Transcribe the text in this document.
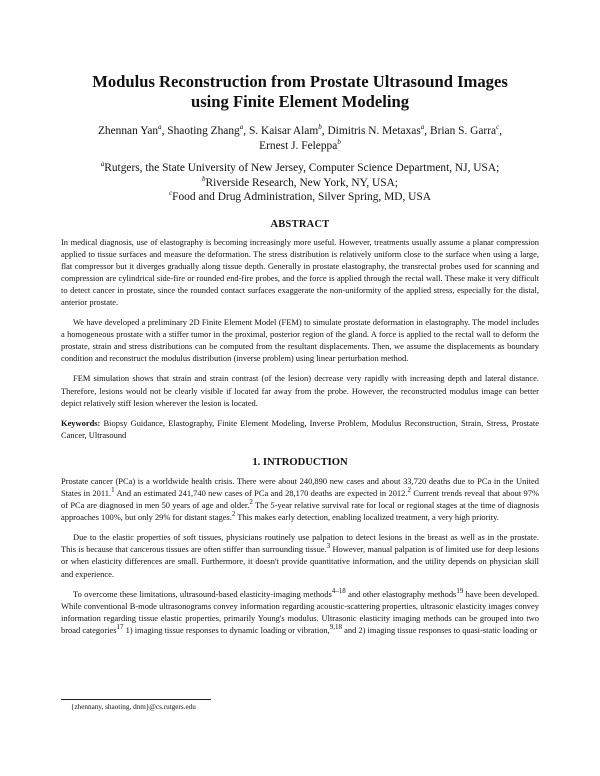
Modulus Reconstruction from Prostate Ultrasound Images
using Finite Element Modeling
Zhennan Yan$^a$, Shaoting Zhang$^a$, S. Kaisar Alam$^b$, Dimitris N. Metaxas$^a$, Brian S. Garra$^c$,
Ernest J. Feleppa$^b$
$^a$Rutgers, the State University of New Jersey, Computer Science Department, NJ, USA;
$^b$Riverside Research, New York, NY, USA;
$^c$Food and Drug Administration, Silver Spring, MD, USA
ABSTRACT

In medical diagnosis, use of elastography is becoming increasingly more useful. However, treatments usually assume a planar compression applied to tissue surfaces and measure the deformation. The stress distribution is relatively uniform close to the surface when using a large, flat compressor but it diverges gradually along tissue depth. Generally in prostate elastography, the transrectal probes used for scanning and compression are cylindrical side-fire or rounded end-fire probes, and the force is applied through the rectal wall. These make it very difficult to detect cancer in prostate, since the rounded contact surfaces exaggerate the non-uniformity of the applied stress, especially for the distal, anterior prostate.

We have developed a preliminary 2D Finite Element Model (FEM) to simulate prostate deformation in elastography. The model includes a homogeneous prostate with a stiffer tumor in the proximal, posterior region of the gland. A force is applied to the rectal wall to deform the prostate, strain and stress distributions can be computed from the resultant displacements. Then, we assume the displacements as boundary condition and reconstruct the modulus distribution (inverse problem) using linear perturbation method.

FEM simulation shows that strain and strain contrast (of the lesion) decrease very rapidly with increasing depth and lateral distance. Therefore, lesions would not be clearly visible if located far away from the probe. However, the reconstructed modulus image can better depict relatively stiff lesion wherever the lesion is located.

Keywords: Biopsy Guidance, Elastography, Finite Element Modeling, Inverse Problem, Modulus Reconstruction, Strain, Stress, Prostate Cancer, Ultrasound

1. INTRODUCTION

Prostate cancer (PCa) is a worldwide health crisis. There were about 240,890 new cases and about 33,720 deaths due to PCa in the United States in 2011.$^1$ And an estimated 241,740 new cases of PCa and 28,170 deaths are expected in 2012.$^2$ Current trends reveal that about 97% of PCa are diagnosed in men 50 years of age and older.$^2$ The 5-year relative survival rate for local or regional stages at the time of diagnosis approaches 100%, but only 29% for distant stages.$^2$ This makes early detection, enabling localized treatment, a very high priority.

Due to the elastic properties of soft tissues, physicians routinely use palpation to detect lesions in the breast as well as in the prostate. This is because that cancerous tissues are often stiffer than surrounding tissue.$^3$ However, manual palpation is of limited use for deep lesions or when elasticity differences are small. Furthermore, it doesn't provide quantitative information, and the utility depends on physician skill and experience.

To overcome these limitations, ultrasound-based elasticity-imaging methods$^{4-18}$ and other elastography methods$^{19}$ have been developed. While conventional B-mode ultrasonograms convey information regarding acoustic-scattering properties, ultrasonic elasticity images convey information regarding tissue elastic properties, primarily Young's modulus. Ultrasonic elasticity imaging methods can be grouped into two broad categories$^{17}$ 1) imaging tissue responses to dynamic loading or vibration,$^{9,18}$ and 2) imaging tissue responses to quasi-static loading or

{zhennany, shaoting, dnm}@cs.rutgers.edu
